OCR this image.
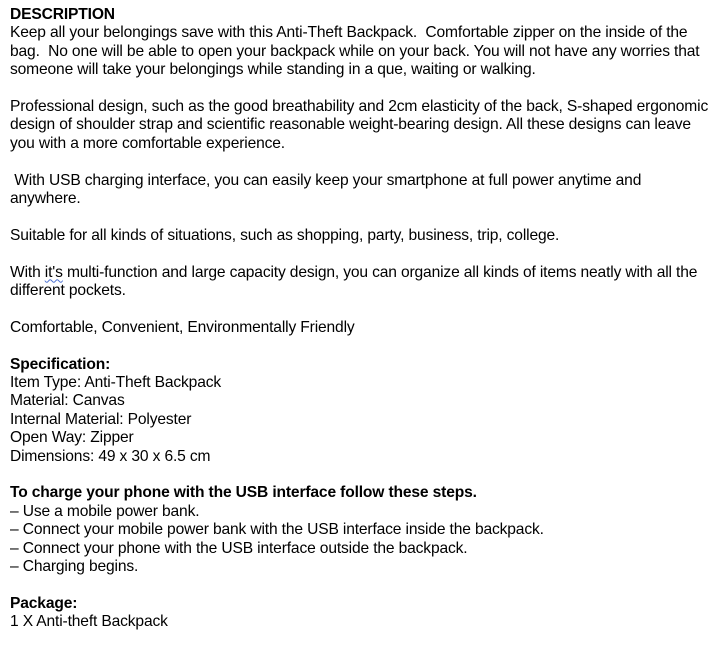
DESCRIPTION

Keep all your belongings save with this Anti-Theft Backpack.  Comfortable zipper on the inside of the bag.  No one will be able to open your backpack while on your back. You will not have any worries that someone will take your belongings while standing in a que, waiting or walking.

Professional design, such as the good breathability and 2cm elasticity of the back, S-shaped ergonomic design of shoulder strap and scientific reasonable weight-bearing design. All these designs can leave you with a more comfortable experience.

With USB charging interface, you can easily keep your smartphone at full power anytime and anywhere.

Suitable for all kinds of situations, such as shopping, party, business, trip, college.

With it's multi-function and large capacity design, you can organize all kinds of items neatly with all the different pockets.

Comfortable, Convenient, Environmentally Friendly

Specification:
Item Type: Anti-Theft Backpack
Material: Canvas
Internal Material: Polyester
Open Way: Zipper
Dimensions: 49 x 30 x 6.5 cm
To charge your phone with the USB interface follow these steps.
– Use a mobile power bank.
– Connect your mobile power bank with the USB interface inside the backpack.
– Connect your phone with the USB interface outside the backpack.
– Charging begins.
Package:
1 X Anti-theft Backpack
